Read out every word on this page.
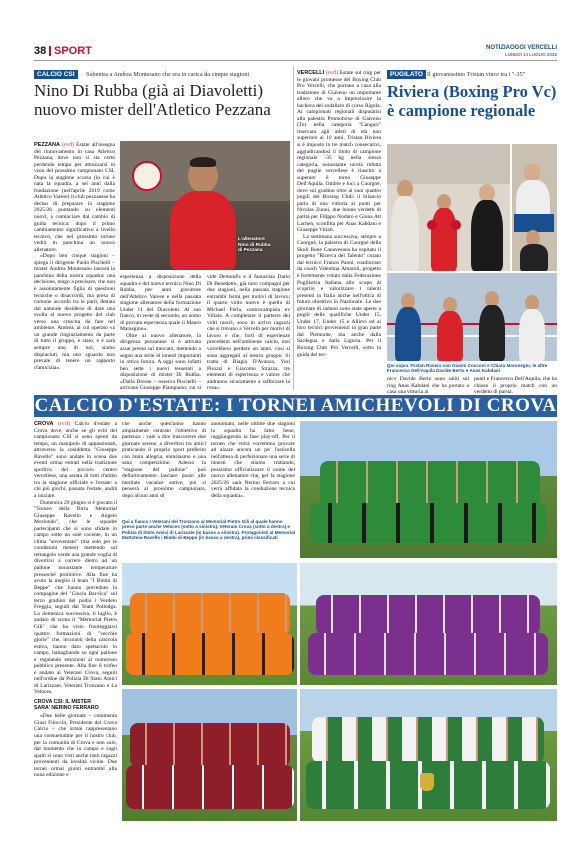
38 SPORT	NOTIZIAOGGI VERCELLI
LUNEDÌ 14 LUGLIO 2025
CALCIO CSI	Subentra a Andrea Montesano che era in carica da cinque stagioni
Nino Di Rubba (già ai Diavoletti)
nuovo mister dell'Atletico Pezzana

PEZZANA (rvrf) Estate all'insegna del rinnovamento in casa Atletico Pezzana, dove non si sta certo perdendo tempo per attrezzarsi in vista del prossimo campionato CSI. Dopo la stagione scorsa (in cui è nata la squadra, a sei anni dalla fondazione (nell'aprile 2019 come Atletico Varese) il club pezzanese ha deciso di preparare la stagione 2025/26 puntando su elementi nuovi, a cominciare dal cambio di guida tecnica: dopo il primo cambiamento significativo a livello tecnico, che nel prossimo torneo vedrà in panchina un nuovo allenatore.

«Dopo ben cinque stagioni – spiega il dirigente Paolo Piscitelli – mister Andrea Montesano lascerà la panchina della nostra squadra: una decisione, tengo a precisare, che non è assolutamente figlia di questioni tecniche o disaccordi, ma presa di comune accordo tra le parti, dettata dal naturale desiderio di dare una svolta al nuovo progetto del club verso una crescita da fare nel ambiente. Andrea, al cui operato va un grande ringraziamento da parte di tutto il gruppo, è stato, e è sarà sempre uno di noi, siamo dispiaciuti, ma uno sguardo non prevale di tenere un rapporto d'amicizia».

L'allenatore
Nino di Rubba
di Pezzana

esperienza a disposizione della squadra e del nuovo tecnico Nino Di Rubba, per anni giocatore dell'Atletico Varese e nella passata stagione allenatore della formazione Under 11 del Diavoletti. Al suo fianco, in veste di secondo, un uomo di provata esperienza quale il Mauro Marasgino».

Oltre al nuovo allenatore, la dirigenza pezzanese si è attivata assai presto sul mercato, mettendo a segno una serie di innesti importanti in ottica futura. A oggi sono infatti ben sette i nuovi tesserati a disposizione di mister Di Rubba. «Dalla Bresse – osserva Piscitelli – arrivano Giuseppe Piampiano; cui si

vide Demonfis e il fantasista Dario Di Benedetto, già noto compagni per due stagioni, nella passata stagione entrambi fermi per motivi di lavoro; il quarto volto nuovo è quello di Michael Ferla, centrocampista ex Villata. A completare il parterre dei volti nuovi, sono in arrivo ragazzi che si trovano a Vercelli per motivi di lavoro e che, forti di esperienze precedenti nell'ambiente calcio, non vorrebbero perdere un anno, così si sono aggregati al nostro gruppo. Si tratta di Biagio D'Avanzo, Yuri Pirozzi e Giacomo Strazza, tre elementi di esperienza e valore che andranno sicuramente a rafforzare la rosa».

VERCELLI (rvrf) Estate sul ring per le giovani promesse del Boxing Club Pro Vercelli, che portano a casa alla tradizione di Giaveno un importante alloro che va a impreziosire la bacheca del sodalizio di corso Rigola. Al campionati regionali disputatisi alla palestra Promoboxe di Giaveno (To) nella categoria "Canguri" riservata agli atleti di età non superiore ai 10 anni, Tristan Riviera si è imposto in tre match consecutivi, aggiudicandosi il titolo di campione regionale -35 kg nella stessa categoria, nonostante un'età ridotta del pugile vercellese è riuscito a superare il torno Giuseppe Dell'Aquila. Ombre e luci a Cuorgnè, dove sul gradino oltre ai suoi quattro pugili del Boxing Club: il bilancio parla di una vittoria ai punti per Nicolas Zuoni, due buone verdetti di parità per Filippo Nodaro e Giona Att Lachen, sconfitta per Anas Kabdani e Giuseppe Vitiati.

La settimana successiva, sempre a Cuorgnè, la palestra di Cuorgnè della Skull Bone Canavesana ha ospitato il progetto "Ricerca del Talento" curato dal tecnico Franco Paoni, coadiuvato da coach Valentina Amaroli, progetto è fortemente voluto dalla Federazione Pugilistica Italiana allo scopo di scoprire e valorizzare i talenti presenti in Italia anche nell'ottica di futuro obiettivo in Nazionale. Le due giornate di raduno sono state aperte a pugili delle qualifiche Under 15, Under 17, Under 15 e Allievi ed ai loro tecnici provenienti in gran parte dal Piemonte, ma anche dalla Sardegna e dalla Liguria. Per il Boxing Club Pro Vercelli, sotto la guida del tec-

PUGILATO Il giovanissimo Tristan vince tra i "-35"
Riviera (Boxing Pro Vc)
è campione regionale
Qui sopra Tristan Riviera con Gianni Cocconi e Chiara Maroneglu; le altre Francesco Dell'Aquila Davide Berto e Anas Kabdani
nico Davide Berto sono saliti sul ring Anas Kabdani che ha portato a casa una vittoria ai
punti e Francesco Dell'Aquila, che ha chiuso il proprio match con un verdetto di parità.
CALCIO D'ESTATE: I TORNEI AMICHEVOLI DI CROVA

CROVA (rvrf) Calcio d'estate a Crova dove, anche se gli echi del campionato CSI si sono spenti da tempo, un manipolo di appassionati, attraverso la cosiddetta "Giuseppe Ravello" sono andate in scena due eventi ormai entrati nella tradizione sportiva del piccolo centro vercellese, una serata di tutti d'ambo tra la stagione ufficiale e l'estate: a chi più giochi, passata l'estate, andrà a iniziare.

Domenica 29 giugno si è giocato il "Torneo della Birra Memorial Giuseppe Ravello e Angelo Moriondo", che le squadre partecipanti che si sono sfidate in campo sotto un sole cocente, in un clima "arroventato" (ma solo per le condizioni meteo) mettendo sul rettangolo verde una grande voglia di divertirsi a correre dietro ad un pallone nonostante temperature pressoché proibitive. Alla fine ha avuto la meglio il team "I Bimbi di Beppe" che hanno preceduto la compagine del "Ciuciu Bar-lica" sul terzo gradino del podio i Verdeto Freggia, seguiti dal Team Pollodga. La domenica successiva, 6 luglio, è andato di scena il "Memorial Pietro Gili" che ha visto fronteggiarsi quattro formazioni di "vecchie glorie" che, incuranti della canicola estiva, hanno dato spettacolo in campo, battagliando su ogni pallone e regalando emozioni al numeroso pubblico presente. Alla fine il trofeo è andato ai Veterani Crova, seguiti nell'ordine da Polizia Di Stato Amici di Larizzate, Veterani Tronzano e La Veloces.

CROVA CSI: IL MISTER
SARA' NERINO FERRARO

«Due belle giornate – commenta Giusi Filoccin, Presidente del Crova Calcio – che ormai rappresentano una consuetudine per il nostro club, per la comunità di Crova e non solo, dal momento che in campo e sugli spalti si sono visti anche tanti ragazzi provenienti da località vicine. Due tornei ormai giunti entrambi alla nona edizione e

che anche quest'anno hanno ampiamente centrato l'obiettivo di partenza : vale a dire trascorrere due giornate serene, a divertirsi tra amici praticando il proprio sport preferito con tanta allegria, entusiasmo e una sana competizione. Adesso la "stagione del pallone" può definitivamente lasciare posto alle meritate vacanze estive, poi si penserà al prossimo campionato, dopo alcuni anni di

anonimato, nelle ultime due stagioni la squadra ha fatto bene, raggiungendo la fase play-off. Per il torneo che verrà vorremmo provare ad alzare ancora un po' l'asticella nell'attesa di perfezionare una serie di innesti che stiamo trattando, possiamo ufficializzare il nome del nuovo allenatore che, per la stagione 2025/26 sarà Nerino Ferraro a cui verrà affidata la conduzione tecnica della squadra».

Qui a fianco I Veterani del Tronzano al Memorial Pietro Gili al quale hanno preso parte anche Veloces (sotto a sinistra), Veterani Crova (sotto a destra) e Polizia di Stato Amici di Larizzate (in basso a sinistra). Protagonisti al Memorial Mattoteia-Ravello i Bimbi di Beppe (in basso a destra), primi classificati
